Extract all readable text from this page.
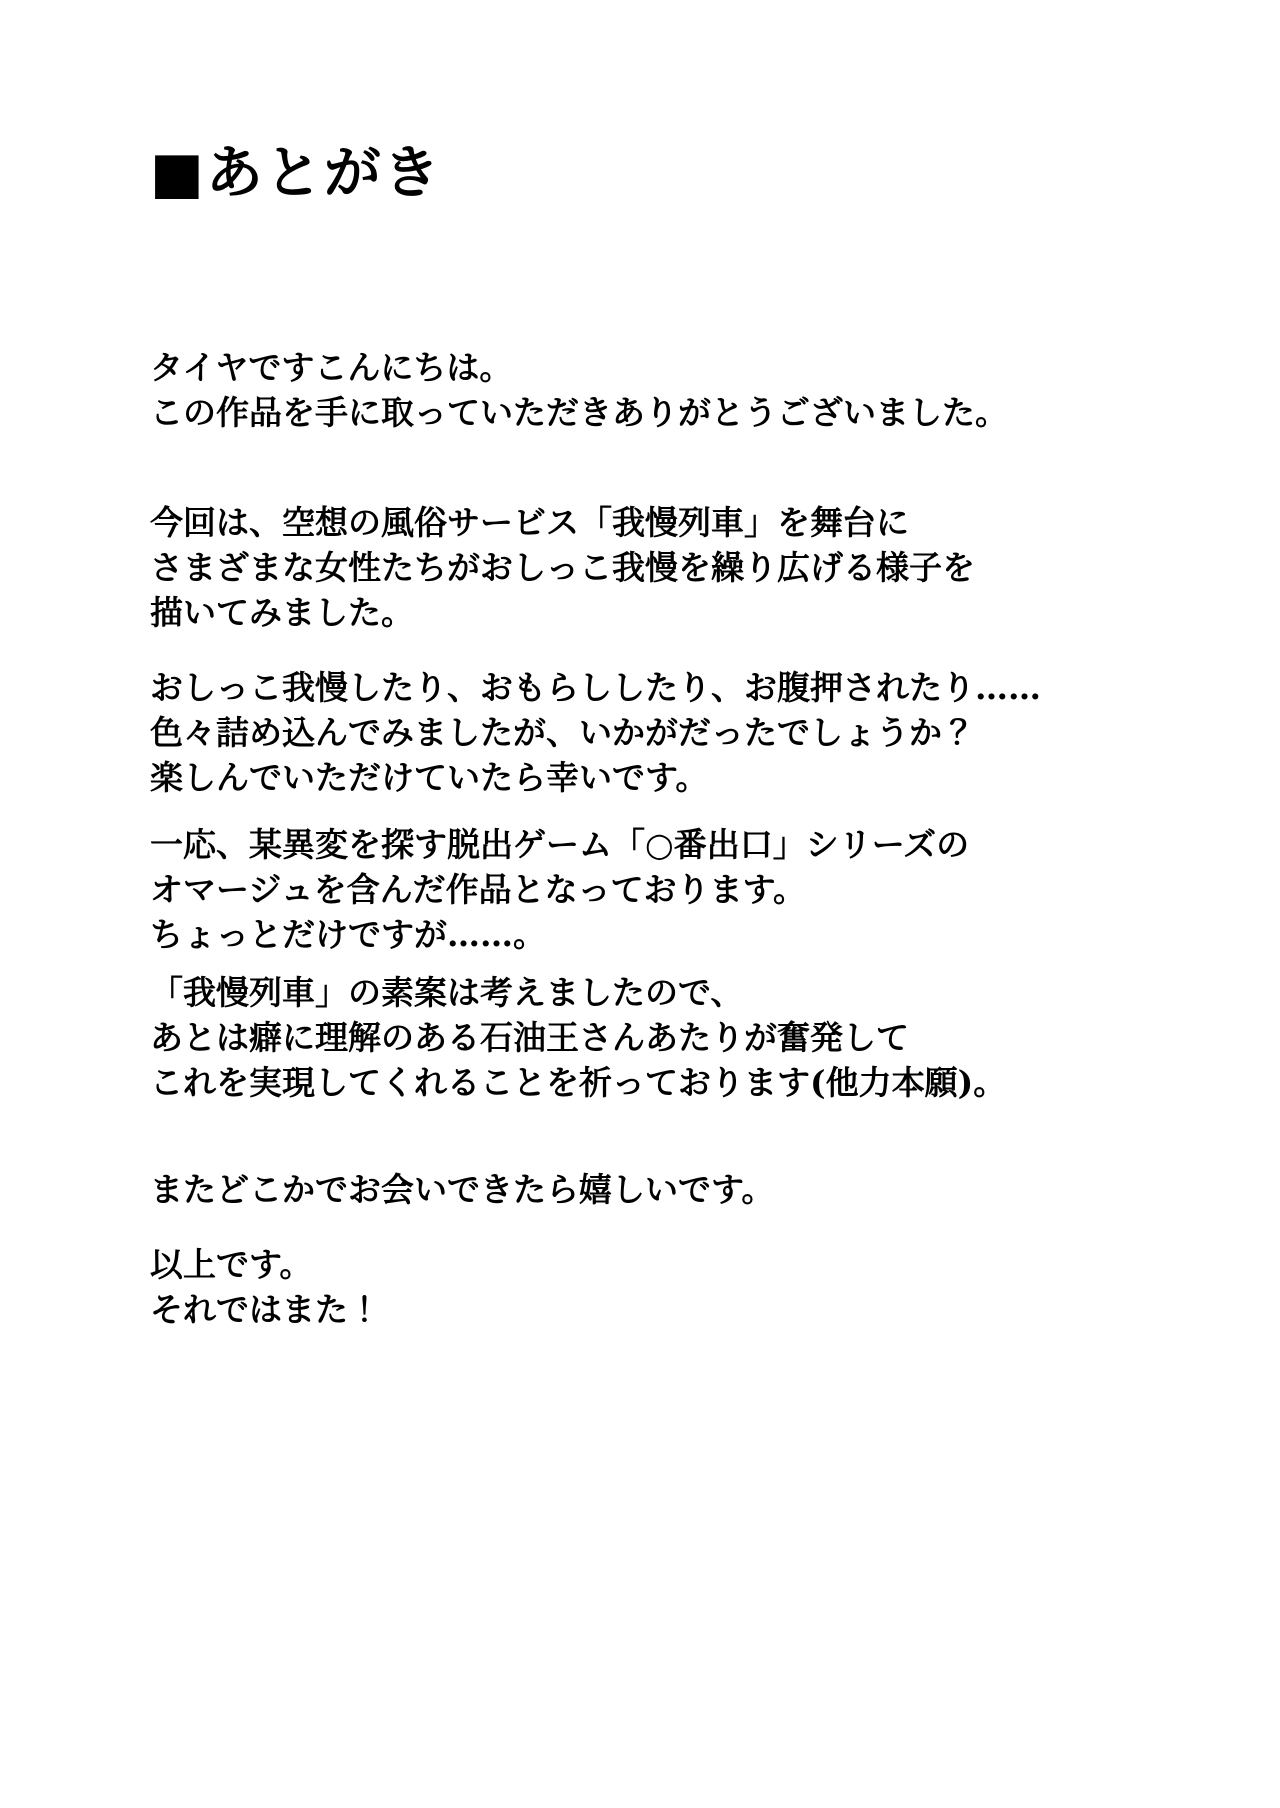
■あとがき

タイヤですこんにちは。
この作品を手に取っていただきありがとうございました。

今回は、空想の風俗サービス「我慢列車」を舞台に
さまざまな女性たちがおしっこ我慢を繰り広げる様子を
描いてみました。

おしっこ我慢したり、おもらししたり、お腹押されたり……
色々詰め込んでみましたが、いかがだったでしょうか？
楽しんでいただけていたら幸いです。

一応、某異変を探す脱出ゲーム「○番出口」シリーズの
オマージュを含んだ作品となっております。
ちょっとだけですが……。

「我慢列車」の素案は考えましたので、
あとは癖に理解のある石油王さんあたりが奮発して
これを実現してくれることを祈っております(他力本願)。

またどこかでお会いできたら嬉しいです。

以上です。
それではまた！
